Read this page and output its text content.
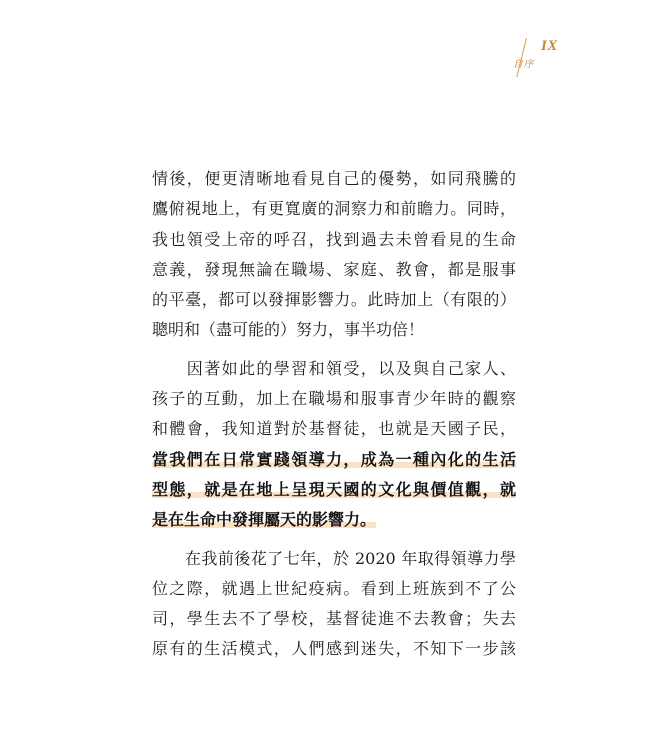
自序
IX
情後，便更清晰地看見自己的優勢，如同飛騰的
鷹俯視地上，有更寬廣的洞察力和前瞻力。同時，
我也領受上帝的呼召，找到過去未曾看見的生命
意義，發現無論在職場、家庭、教會，都是服事
的平臺，都可以發揮影響力。此時加上（有限的）
聰明和（盡可能的）努力，事半功倍！
　　因著如此的學習和領受，以及與自己家人、
孩子的互動，加上在職場和服事青少年時的觀察
和體會，我知道對於基督徒，也就是天國子民，
當我們在日常實踐領導力，成為一種內化的生活
型態，就是在地上呈現天國的文化與價值觀，就
是在生命中發揮屬天的影響力。
　　在我前後花了七年，於 2020 年取得領導力學
位之際，就遇上世紀疫病。看到上班族到不了公
司，學生去不了學校，基督徒進不去教會；失去
原有的生活模式，人們感到迷失，不知下一步該
